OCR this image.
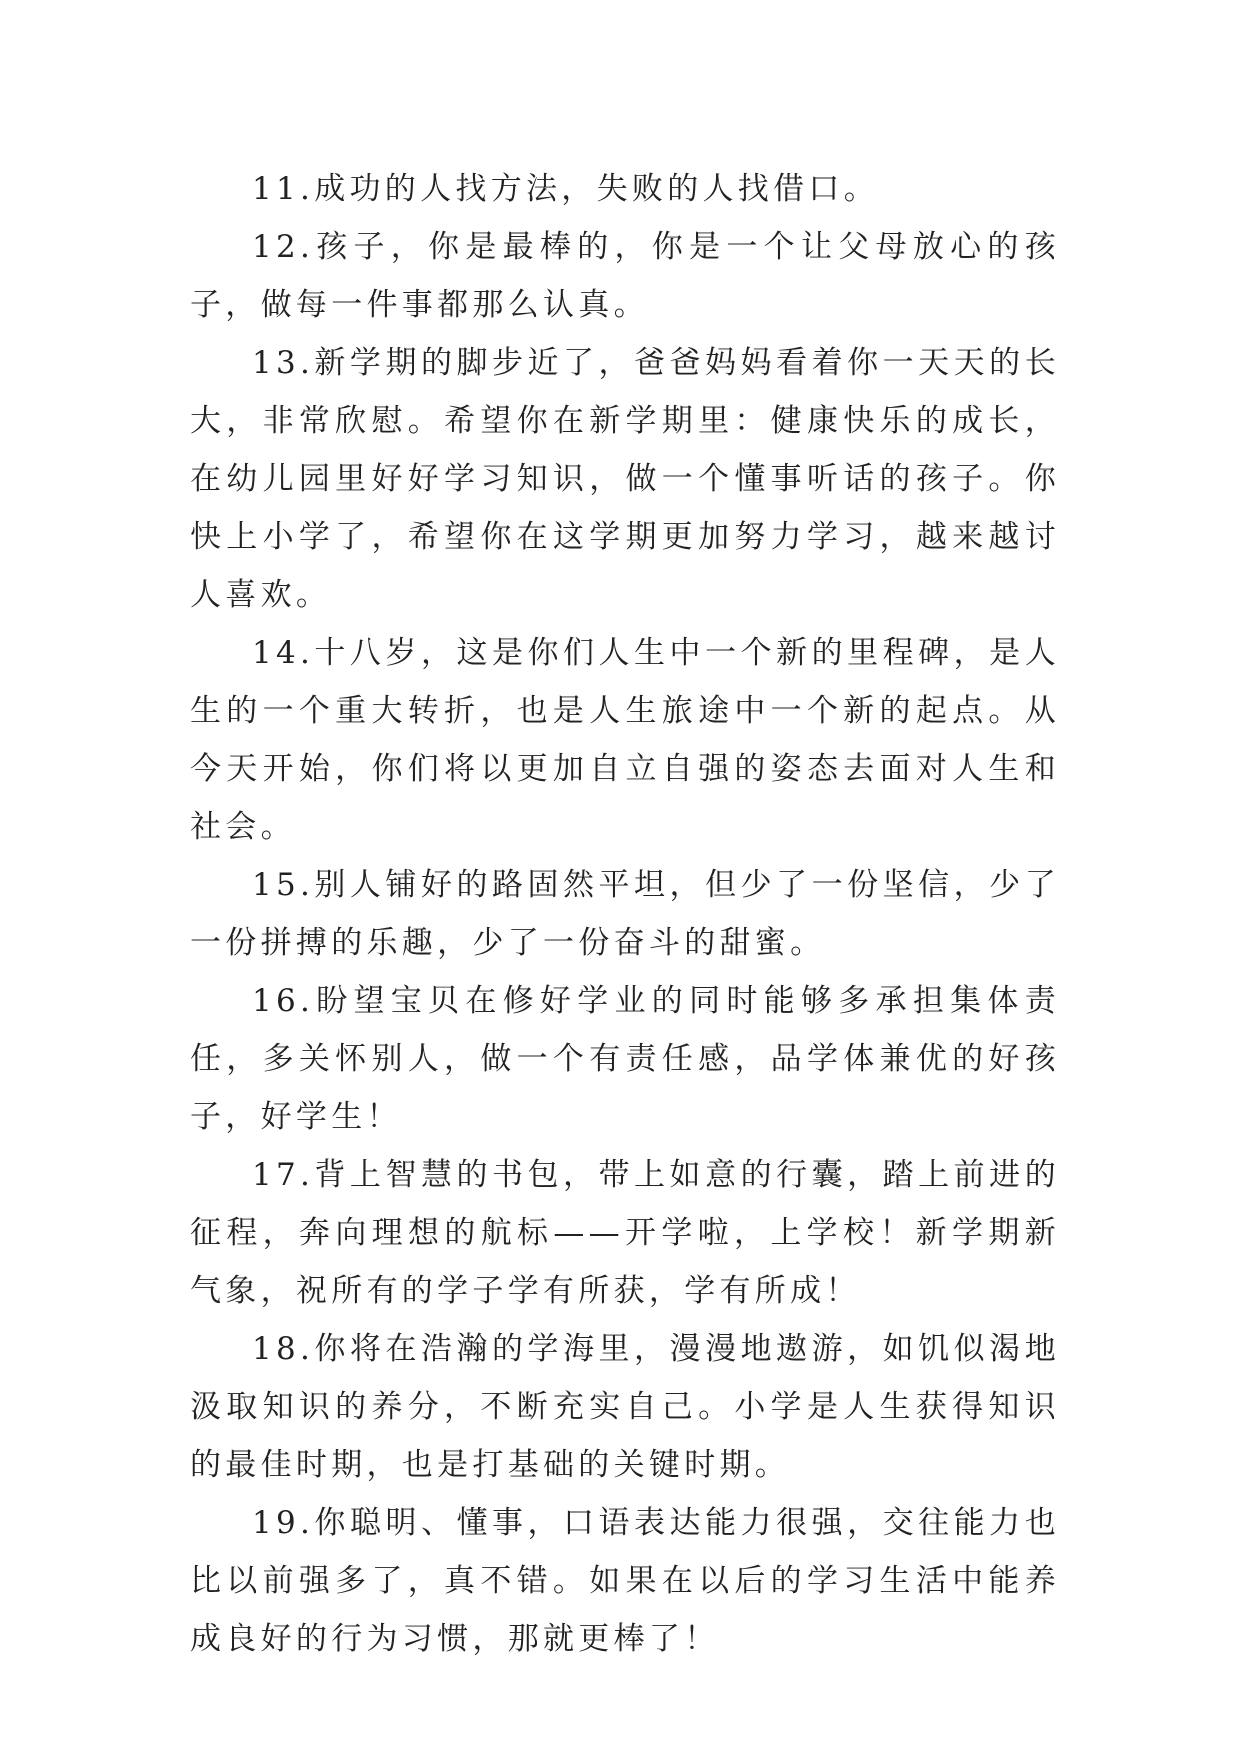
11.成功的人找方法，失败的人找借口。

12.孩子，你是最棒的，你是一个让父母放心的孩子，做每一件事都那么认真。

13.新学期的脚步近了，爸爸妈妈看着你一天天的长大，非常欣慰。希望你在新学期里：健康快乐的成长，在幼儿园里好好学习知识，做一个懂事听话的孩子。你快上小学了，希望你在这学期更加努力学习，越来越讨人喜欢。

14.十八岁，这是你们人生中一个新的里程碑，是人生的一个重大转折，也是人生旅途中一个新的起点。从今天开始，你们将以更加自立自强的姿态去面对人生和社会。

15.别人铺好的路固然平坦，但少了一份坚信，少了一份拼搏的乐趣，少了一份奋斗的甜蜜。

16.盼望宝贝在修好学业的同时能够多承担集体责任，多关怀别人，做一个有责任感，品学体兼优的好孩子，好学生！

17.背上智慧的书包，带上如意的行囊，踏上前进的征程，奔向理想的航标——开学啦，上学校！新学期新气象，祝所有的学子学有所获，学有所成！

18.你将在浩瀚的学海里，漫漫地遨游，如饥似渴地汲取知识的养分，不断充实自己。小学是人生获得知识的最佳时期，也是打基础的关键时期。

19.你聪明、懂事，口语表达能力很强，交往能力也比以前强多了，真不错。如果在以后的学习生活中能养成良好的行为习惯，那就更棒了！
